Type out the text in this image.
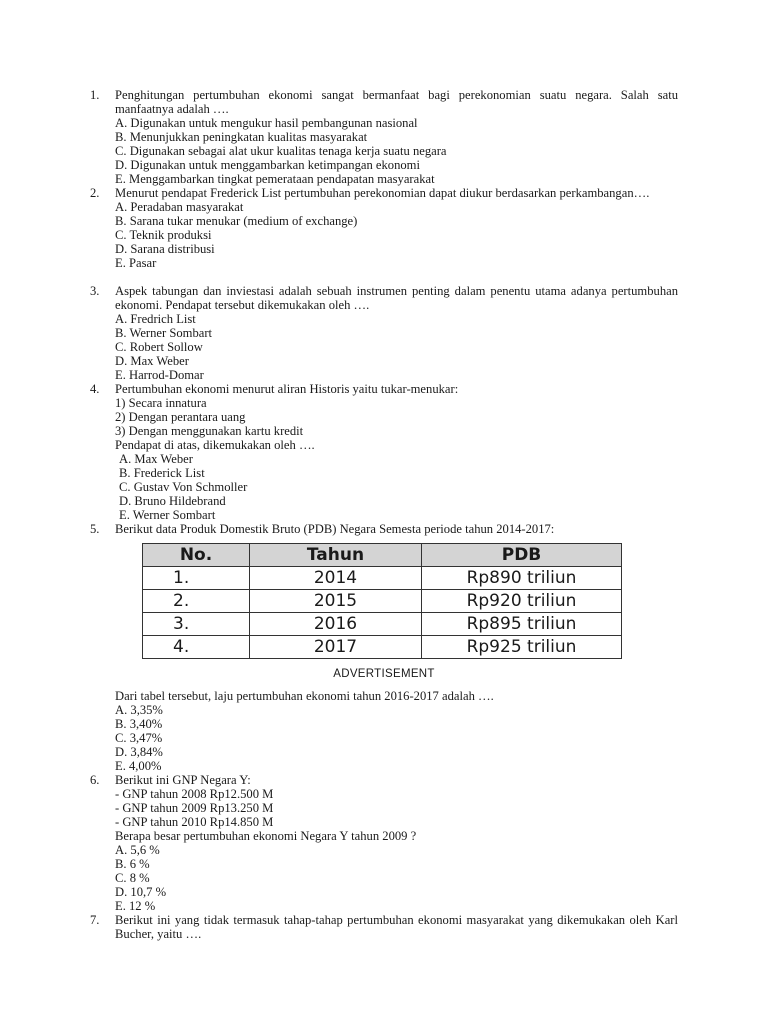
1. Penghitungan pertumbuhan ekonomi sangat bermanfaat bagi perekonomian suatu negara. Salah satu manfaatnya adalah ….
A. Digunakan untuk mengukur hasil pembangunan nasional
B. Menunjukkan peningkatan kualitas masyarakat
C. Digunakan sebagai alat ukur kualitas tenaga kerja suatu negara
D. Digunakan untuk menggambarkan ketimpangan ekonomi
E. Menggambarkan tingkat pemerataan pendapatan masyarakat
2. Menurut pendapat Frederick List pertumbuhan perekonomian dapat diukur berdasarkan perkambangan….
A. Peradaban masyarakat
B. Sarana tukar menukar (medium of exchange)
C. Teknik produksi
D. Sarana distribusi
E. Pasar
3. Aspek tabungan dan inviestasi adalah sebuah instrumen penting dalam penentu utama adanya pertumbuhan ekonomi. Pendapat tersebut dikemukakan oleh ….
A. Fredrich List
B. Werner Sombart
C. Robert Sollow
D. Max Weber
E. Harrod-Domar
4. Pertumbuhan ekonomi menurut aliran Historis yaitu tukar-menukar:
1) Secara innatura
2) Dengan perantara uang
3) Dengan menggunakan kartu kredit
Pendapat di atas, dikemukakan oleh ….
A. Max Weber
B. Frederick List
C. Gustav Von Schmoller
D. Bruno Hildebrand
E. Werner Sombart
5. Berikut data Produk Domestik Bruto (PDB) Negara Semesta periode tahun 2014-2017:
No.	Tahun	PDB
1.	2014	Rp890 triliun
2.	2015	Rp920 triliun
3.	2016	Rp895 triliun
4.	2017	Rp925 triliun
ADVERTISEMENT
Dari tabel tersebut, laju pertumbuhan ekonomi tahun 2016-2017 adalah ….
A. 3,35%
B. 3,40%
C. 3,47%
D. 3,84%
E. 4,00%
6. Berikut ini GNP Negara Y:
- GNP tahun 2008 Rp12.500 M
- GNP tahun 2009 Rp13.250 M
- GNP tahun 2010 Rp14.850 M
Berapa besar pertumbuhan ekonomi Negara Y tahun 2009 ?
A. 5,6 %
B. 6 %
C. 8 %
D. 10,7 %
E. 12 %
7. Berikut ini yang tidak termasuk tahap-tahap pertumbuhan ekonomi masyarakat yang dikemukakan oleh Karl Bucher, yaitu ….
